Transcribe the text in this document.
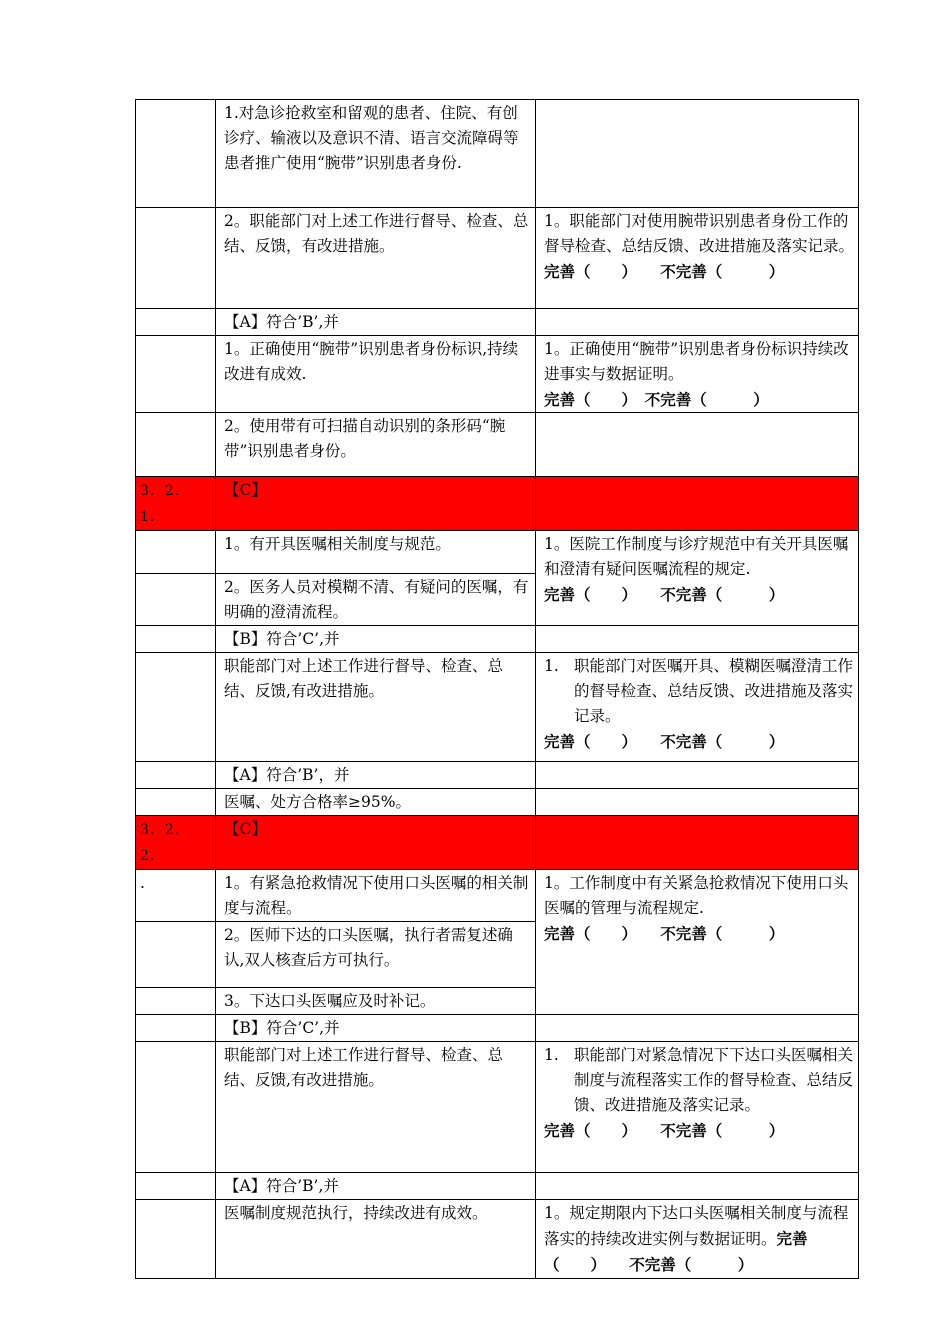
	1.对急诊抢救室和留观的患者、住院、有创诊疗、输液以及意识不清、语言交流障碍等患者推广使用“腕带”识别患者身份.	
	2。职能部门对上述工作进行督导、检查、总结、反馈，有改进措施。	1。职能部门对使用腕带识别患者身份工作的督导检查、总结反馈、改进措施及落实记录。
完善（　　）　　不完善（　　　）

	【A】符合’B’,并	
	1。正确使用“腕带”识别患者身份标识,持续改进有成效.	1。正确使用“腕带”识别患者身份标识持续改进事实与数据证明。
完善（　　）　不完善（　　　）

	2。使用带有可扫描自动识别的条形码“腕带”识别患者身份。	
3．2．1．	【C】	
	1。有开具医嘱相关制度与规范。	1。医院工作制度与诊疗规范中有关开具医嘱和澄清有疑问医嘱流程的规定.
完善（　　）　　不完善（　　　）

	2。医务人员对模糊不清、有疑问的医嘱，有明确的澄清流程。	
	【B】符合’C’,并	
	职能部门对上述工作进行督导、检查、总结、反馈,有改进措施。	1. 职能部门对医嘱开具、模糊医嘱澄清工作的督导检查、总结反馈、改进措施及落实记录。
完善（　　）　　不完善（　　　）

	【A】符合’B’，并	
	医嘱、处方合格率≥95%。	
3．2．2．	【C】	
.	1。有紧急抢救情况下使用口头医嘱的相关制度与流程。	1。工作制度中有关紧急抢救情况下使用口头医嘱的管理与流程规定.
完善（　　）　　不完善（　　　）

	2。医师下达的口头医嘱，执行者需复述确认,双人核查后方可执行。	
	3。下达口头医嘱应及时补记。	
	【B】符合’C’,并	
	职能部门对上述工作进行督导、检查、总结、反馈,有改进措施。	1. 职能部门对紧急情况下下达口头医嘱相关制度与流程落实工作的督导检查、总结反馈、改进措施及落实记录。
完善（　　）　　不完善（　　　）

	【A】符合’B’,并	
	医嘱制度规范执行，持续改进有成效。	1。规定期限内下达口头医嘱相关制度与流程落实的持续改进实例与数据证明。完善（　　）　　不完善（　　　）
